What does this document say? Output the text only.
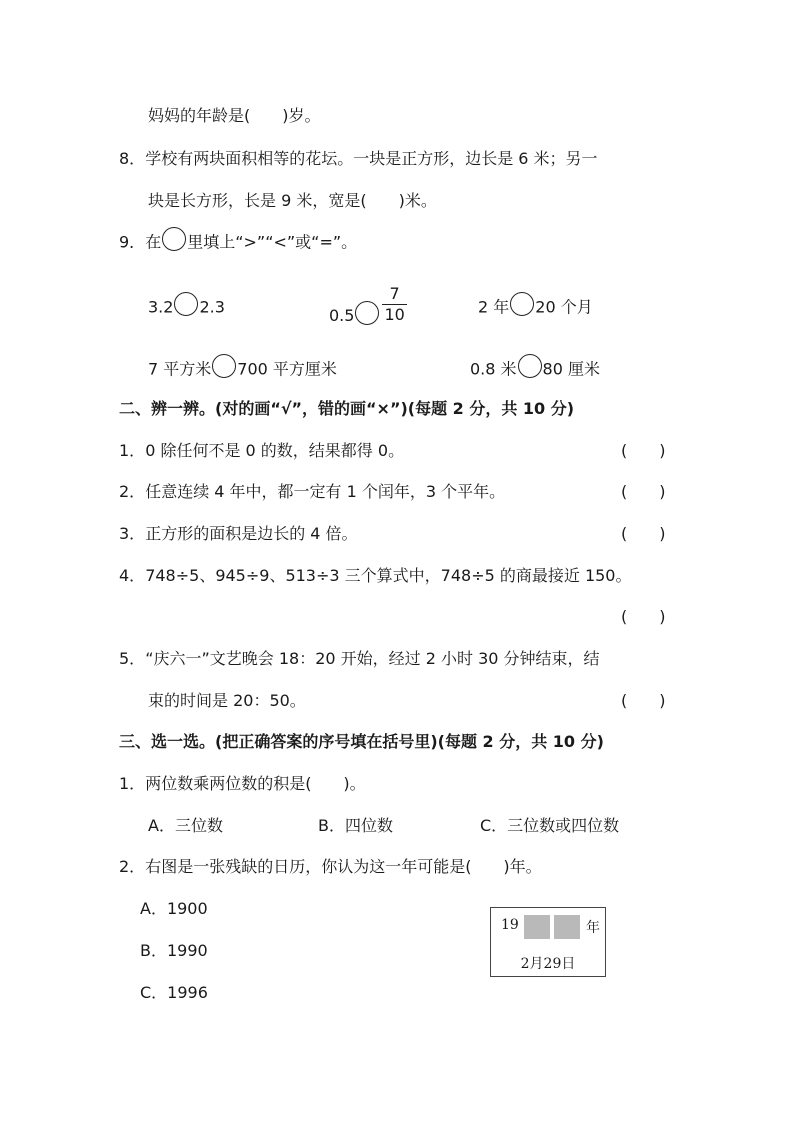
妈妈的年龄是(　　 )岁。
8．学校有两块面积相等的花坛。一块是正方形，边长是 6 米；另一
块是长方形，长是 9 米，宽是(　　 )米。
9．在 里填上“>”“<”或“=”。
3.2 2.3	$0.5 \frac{7}{10}$	2 年 20 个月
7 平方米 700 平方厘米	0.8 米 80 厘米
二、辨一辨。(对的画“√”，错的画“×”)(每题 2 分，共 10 分)
1．0 除任何不是 0 的数，结果都得 0。	(　　)
2．任意连续 4 年中，都一定有 1 个闰年，3 个平年。	(　　)
3．正方形的面积是边长的 4 倍。	(　　)
4．748÷5、945÷9、513÷3 三个算式中，748÷5 的商最接近 150。
(　　)
5．“庆六一”文艺晚会 18：20 开始，经过 2 小时 30 分钟结束，结
束的时间是 20：50。	(　　)
三、选一选。(把正确答案的序号填在括号里)(每题 2 分，共 10 分)
1．两位数乘两位数的积是(　　)。
A．三位数	B．四位数	C．三位数或四位数
2．右图是一张残缺的日历，你认为这一年可能是(　　)年。
A．1900
B．1990
C．1996
19	年
2月29日
